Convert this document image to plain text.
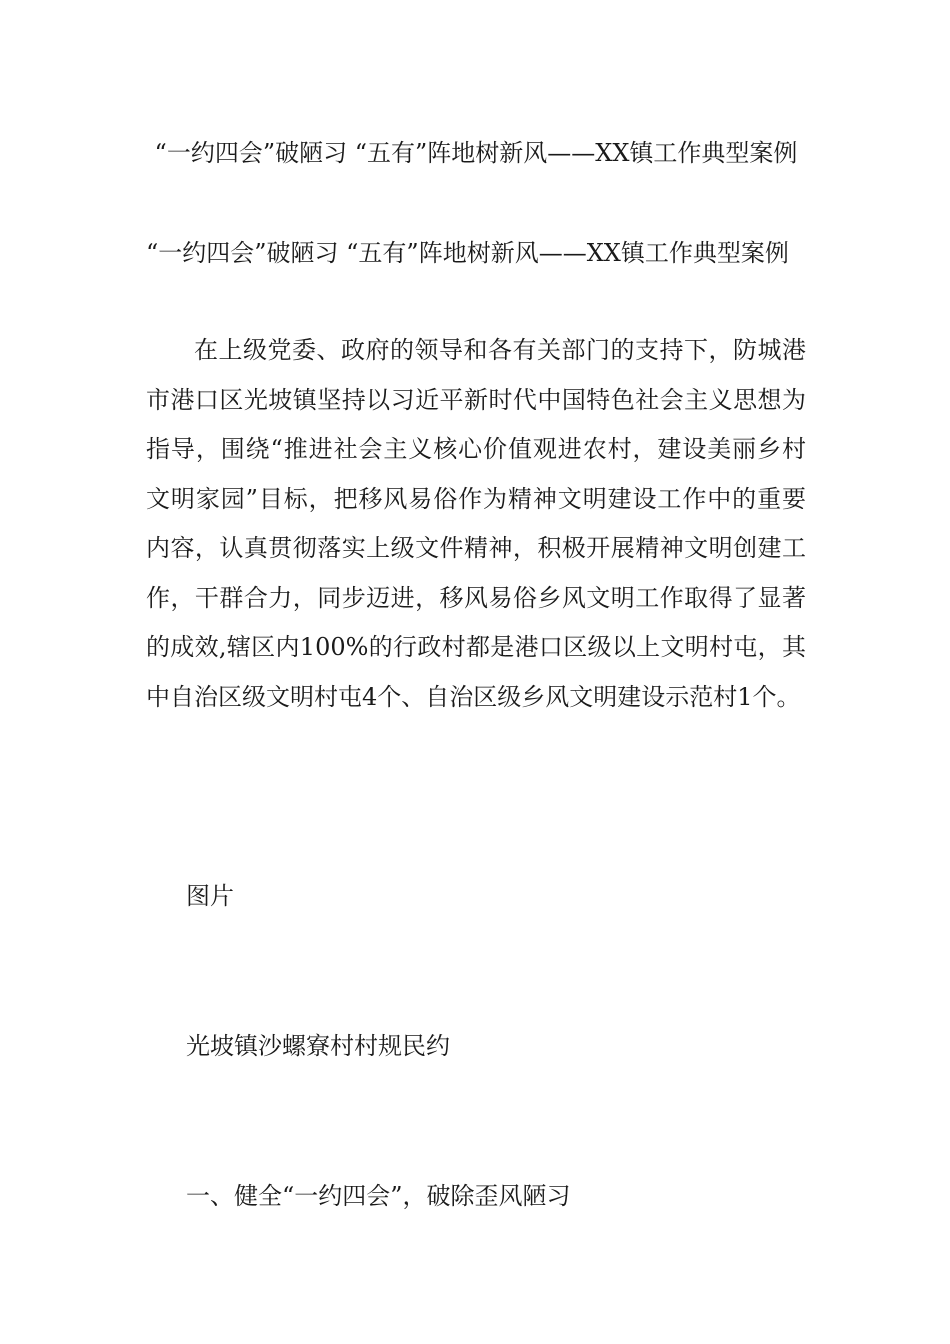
“一约四会”破陋习 “五有”阵地树新风——XX镇工作典型案例
“一约四会”破陋习 “五有”阵地树新风——XX镇工作典型案例
在上级党委、政府的领导和各有关部门的支持下，防城港市港口区光坡镇坚持以习近平新时代中国特色社会主义思想为指导，围绕“推进社会主义核心价值观进农村，建设美丽乡村文明家园”目标，把移风易俗作为精神文明建设工作中的重要内容，认真贯彻落实上级文件精神，积极开展精神文明创建工作，干群合力，同步迈进，移风易俗乡风文明工作取得了显著的成效,辖区内100%的行政村都是港口区级以上文明村屯，其中自治区级文明村屯4个、自治区级乡风文明建设示范村1个。
图片
光坡镇沙螺寮村村规民约
一、健全“一约四会”，破除歪风陋习
